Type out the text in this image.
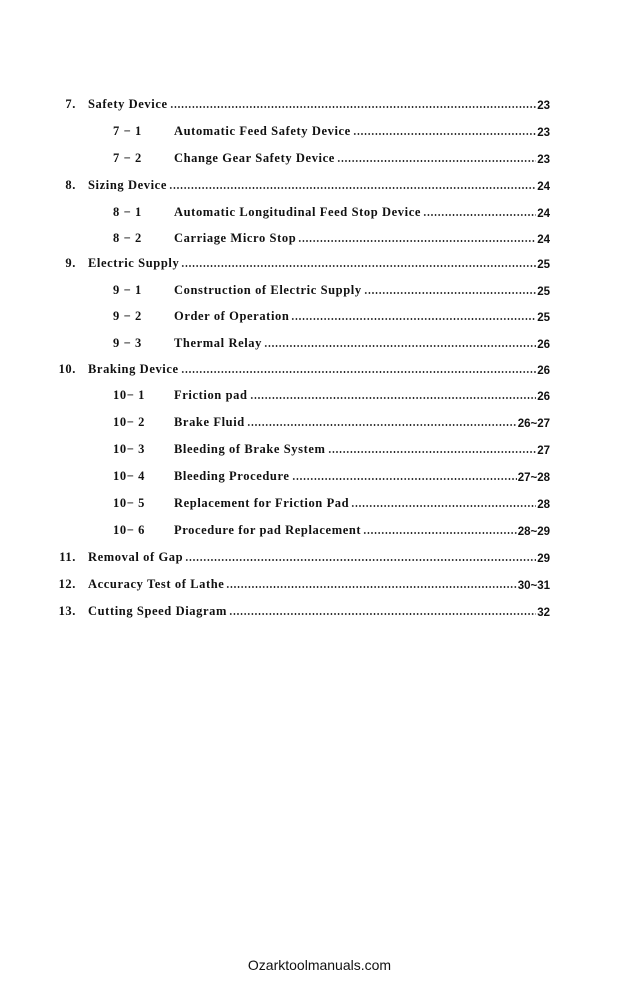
7. Safety Device	23
7 − 1	Automatic Feed Safety Device	23
7 − 2	Change Gear Safety Device	23
8. Sizing Device	24
8 − 1	Automatic Longitudinal Feed Stop Device	24
8 − 2	Carriage Micro Stop	24
9. Electric Supply	25
9 − 1	Construction of Electric Supply	25
9 − 2	Order of Operation	25
9 − 3	Thermal Relay	26
10. Braking Device	26
10− 1 Friction pad	26
10− 2 Brake Fluid	26~27
10− 3 Bleeding of Brake System	27
10− 4 Bleeding Procedure	27~28
10− 5 Replacement for Friction Pad	28
10− 6 Procedure for pad Replacement	28~29
11. Removal of Gap	29
12. Accuracy Test of Lathe	30~31
13. Cutting Speed Diagram	32
Ozarktoolmanuals.com
